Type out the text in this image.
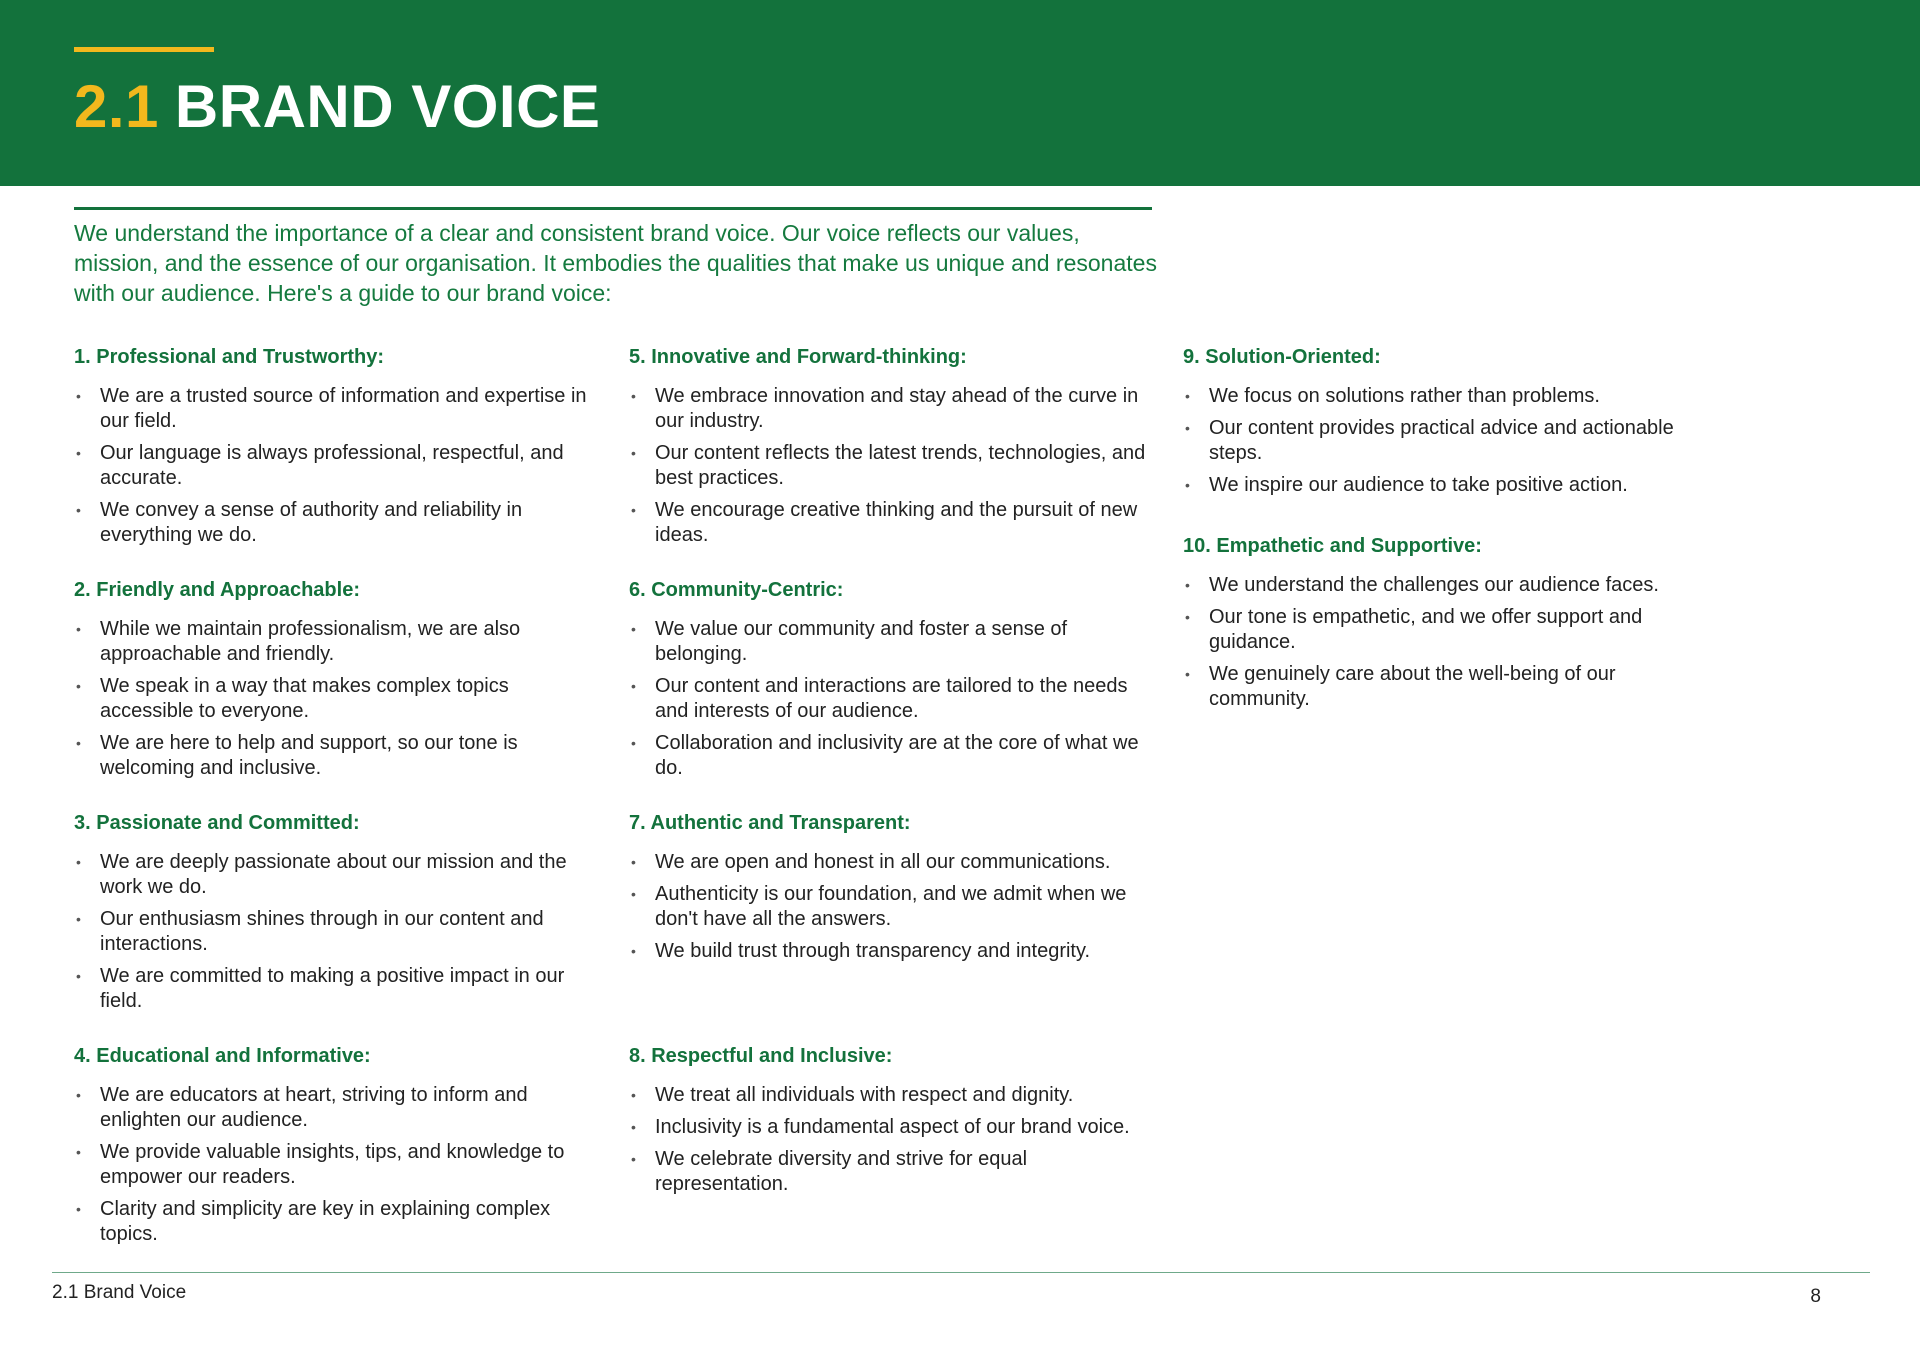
2.1 BRAND VOICE

We understand the importance of a clear and consistent brand voice. Our voice reflects our values, mission, and the essence of our organisation. It embodies the qualities that make us unique and resonates with our audience. Here's a guide to our brand voice:

1. Professional and Trustworthy:
• We are a trusted source of information and expertise in our field.
• Our language is always professional, respectful, and accurate.
• We convey a sense of authority and reliability in everything we do.
2. Friendly and Approachable:
• While we maintain professionalism, we are also approachable and friendly.
• We speak in a way that makes complex topics accessible to everyone.
• We are here to help and support, so our tone is welcoming and inclusive.
3. Passionate and Committed:
• We are deeply passionate about our mission and the work we do.
• Our enthusiasm shines through in our content and interactions.
• We are committed to making a positive impact in our field.
4. Educational and Informative:
• We are educators at heart, striving to inform and enlighten our audience.
• We provide valuable insights, tips, and knowledge to empower our readers.
• Clarity and simplicity are key in explaining complex topics.
5. Innovative and Forward-thinking:
• We embrace innovation and stay ahead of the curve in our industry.
• Our content reflects the latest trends, technologies, and best practices.
• We encourage creative thinking and the pursuit of new ideas.
6. Community-Centric:
• We value our community and foster a sense of belonging.
• Our content and interactions are tailored to the needs and interests of our audience.
• Collaboration and inclusivity are at the core of what we do.
7. Authentic and Transparent:
• We are open and honest in all our communications.
• Authenticity is our foundation, and we admit when we don't have all the answers.
• We build trust through transparency and integrity.
8. Respectful and Inclusive:
• We treat all individuals with respect and dignity.
• Inclusivity is a fundamental aspect of our brand voice.
• We celebrate diversity and strive for equal representation.
9. Solution-Oriented:
• We focus on solutions rather than problems.
• Our content provides practical advice and actionable steps.
• We inspire our audience to take positive action.
10. Empathetic and Supportive:
• We understand the challenges our audience faces.
• Our tone is empathetic, and we offer support and guidance.
• We genuinely care about the well-being of our community.
2.1 Brand Voice	8
